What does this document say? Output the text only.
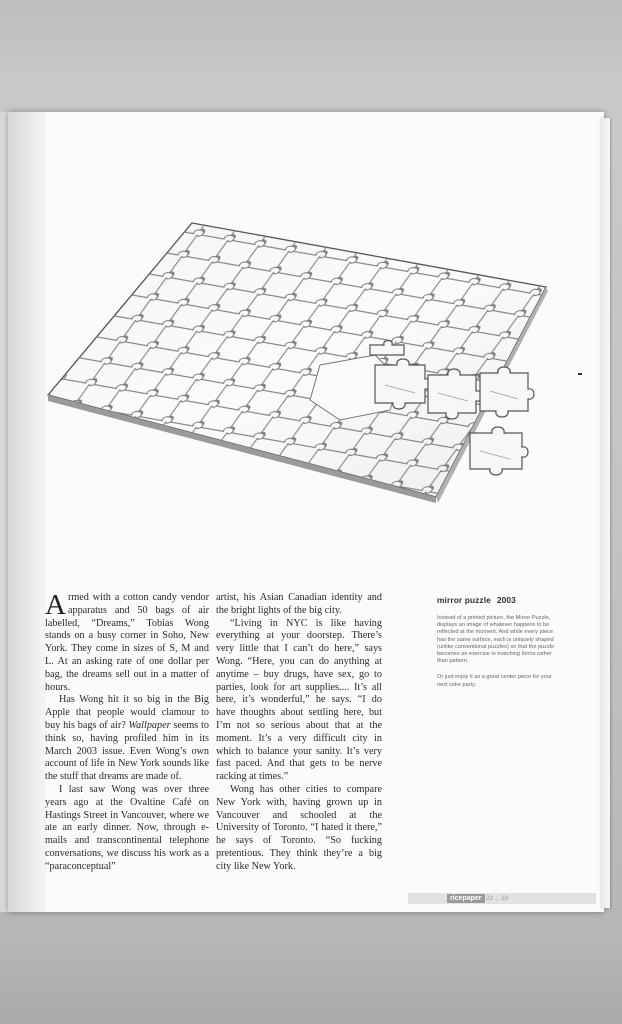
Armed with a cotton candy vendor apparatus and 50 bags of air labelled, “Dreams,” Tobias Wong stands on a busy corner in Soho, New York. They come in sizes of S, M and L. At an asking rate of one dollar per bag, the dreams sell out in a matter of hours.

Has Wong hit it so big in the Big Apple that people would clamour to buy his bags of air? Wallpaper seems to think so, having profiled him in its March 2003 issue. Even Wong’s own account of life in New York sounds like the stuff that dreams are made of.

I last saw Wong was over three years ago at the Ovaltine Café on Hastings Street in Vancouver, where we ate an early dinner. Now, through e-mails and transcontinental telephone conversations, we discuss his work as a “paraconceptual”

artist, his Asian Canadian identity and the bright lights of the big city.

“Living in NYC is like having everything at your doorstep. There’s very little that I can’t do here,” says Wong. “Here, you can do anything at anytime – buy drugs, have sex, go to parties, look for art supplies.... It’s all here, it’s wonderful,” he says. “I do have thoughts about settling here, but I’m not so serious about that at the moment. It’s a very difficult city in which to balance your sanity. It’s very fast paced. And that gets to be nerve racking at times.”

Wong has other cities to compare New York with, having grown up in Vancouver and schooled at the University of Toronto. “I hated it there,” he says of Toronto. “So fucking pretentious. They think they’re a big city like New York.

mirror puzzle 2003

Instead of a printed picture, the Mirror Puzzle, displays an image of whatever happens to be reflected at the moment. And while every piece has the same surface, each is uniquely shaped (unlike conventional puzzles) so that the puzzle becomes an exercise in matching forms rather than pattern.

Or just enjoy it as a great center piece for your next coke party.

ricepaper 22 | 23
